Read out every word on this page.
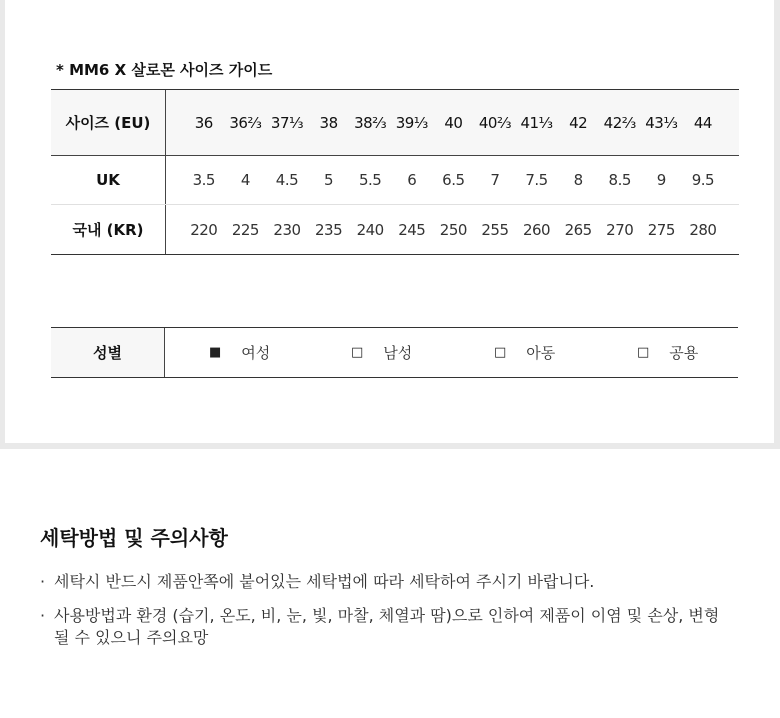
* MM6 X 살로몬 사이즈 가이드
사이즈 (EU)	36	36⅔ 37⅓	38	38⅔ 39⅓	40	40⅔ 41⅓	42	42⅔ 43⅓	44
UK	3.5	4	4.5	5	5.5	6	6.5	7	7.5	8	8.5	9	9.5
국내 (KR)	220 225 230 235 240 245 250 255 260 265 270 275 280
성별	■ 여성	□ 남성	□ 아동	□ 공용
세탁방법 및 주의사항
· 세탁시 반드시 제품안쪽에 붙어있는 세탁법에 따라 세탁하여 주시기 바랍니다.
· 사용방법과 환경 (습기, 온도, 비, 눈, 빛, 마찰, 체열과 땀)으로 인하여 제품이 이염 및 손상, 변형될 수 있으니 주의요망
